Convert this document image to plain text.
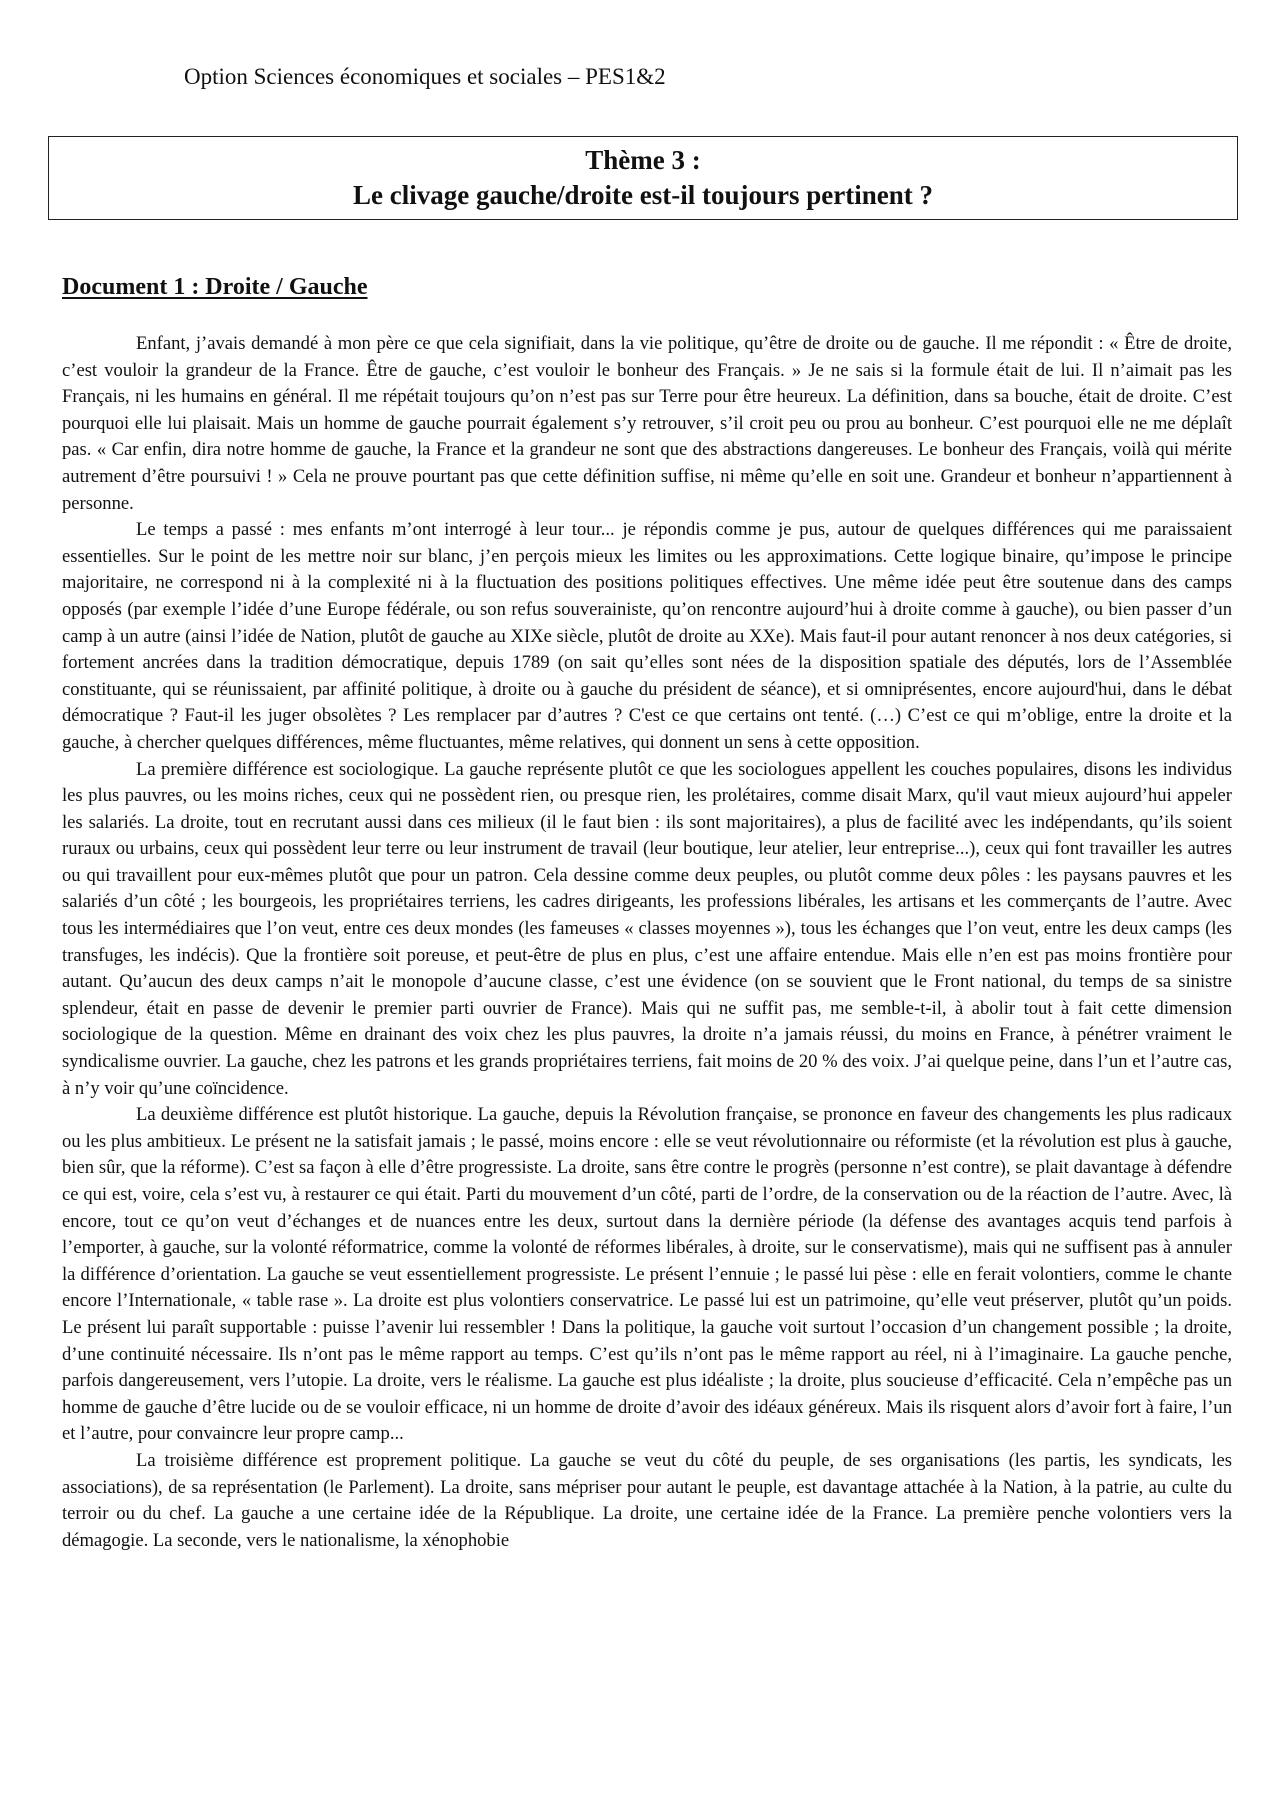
Option Sciences économiques et sociales – PES1&2
Thème 3 :
Le clivage gauche/droite est-il toujours pertinent ?
Document 1 : Droite / Gauche

Enfant, j’avais demandé à mon père ce que cela signifiait, dans la vie politique, qu’être de droite ou de gauche. Il me répondit : « Être de droite, c’est vouloir la grandeur de la France. Être de gauche, c’est vouloir le bonheur des Français. » Je ne sais si la formule était de lui. Il n’aimait pas les Français, ni les humains en général. Il me répétait toujours qu’on n’est pas sur Terre pour être heureux. La définition, dans sa bouche, était de droite. C’est pourquoi elle lui plaisait. Mais un homme de gauche pourrait également s’y retrouver, s’il croit peu ou prou au bonheur. C’est pourquoi elle ne me déplaît pas. « Car enfin, dira notre homme de gauche, la France et la grandeur ne sont que des abstractions dangereuses. Le bonheur des Français, voilà qui mérite autrement d’être poursuivi ! » Cela ne prouve pourtant pas que cette définition suffise, ni même qu’elle en soit une. Grandeur et bonheur n’appartiennent à personne.

Le temps a passé : mes enfants m’ont interrogé à leur tour... je répondis comme je pus, autour de quelques différences qui me paraissaient essentielles. Sur le point de les mettre noir sur blanc, j’en perçois mieux les limites ou les approximations. Cette logique binaire, qu’impose le principe majoritaire, ne correspond ni à la complexité ni à la fluctuation des positions politiques effectives. Une même idée peut être soutenue dans des camps opposés (par exemple l’idée d’une Europe fédérale, ou son refus souverainiste, qu’on rencontre aujourd’hui à droite comme à gauche), ou bien passer d’un camp à un autre (ainsi l’idée de Nation, plutôt de gauche au XIXe siècle, plutôt de droite au XXe). Mais faut-il pour autant renoncer à nos deux catégories, si fortement ancrées dans la tradition démocratique, depuis 1789 (on sait qu’elles sont nées de la disposition spatiale des députés, lors de l’Assemblée constituante, qui se réunissaient, par affinité politique, à droite ou à gauche du président de séance), et si omniprésentes, encore aujourd'hui, dans le débat démocratique ? Faut-il les juger obsolètes ? Les remplacer par d’autres ? C'est ce que certains ont tenté. (…) C’est ce qui m’oblige, entre la droite et la gauche, à chercher quelques différences, même fluctuantes, même relatives, qui donnent un sens à cette opposition.

La première différence est sociologique. La gauche représente plutôt ce que les sociologues appellent les couches populaires, disons les individus les plus pauvres, ou les moins riches, ceux qui ne possèdent rien, ou presque rien, les prolétaires, comme disait Marx, qu'il vaut mieux aujourd’hui appeler les salariés. La droite, tout en recrutant aussi dans ces milieux (il le faut bien : ils sont majoritaires), a plus de facilité avec les indépendants, qu’ils soient ruraux ou urbains, ceux qui possèdent leur terre ou leur instrument de travail (leur boutique, leur atelier, leur entreprise...), ceux qui font travailler les autres ou qui travaillent pour eux-mêmes plutôt que pour un patron. Cela dessine comme deux peuples, ou plutôt comme deux pôles : les paysans pauvres et les salariés d’un côté ; les bourgeois, les propriétaires terriens, les cadres dirigeants, les professions libérales, les artisans et les commerçants de l’autre. Avec tous les intermédiaires que l’on veut, entre ces deux mondes (les fameuses « classes moyennes »), tous les échanges que l’on veut, entre les deux camps (les transfuges, les indécis). Que la frontière soit poreuse, et peut-être de plus en plus, c’est une affaire entendue. Mais elle n’en est pas moins frontière pour autant. Qu’aucun des deux camps n’ait le monopole d’aucune classe, c’est une évidence (on se souvient que le Front national, du temps de sa sinistre splendeur, était en passe de devenir le premier parti ouvrier de France). Mais qui ne suffit pas, me semble-t-il, à abolir tout à fait cette dimension sociologique de la question. Même en drainant des voix chez les plus pauvres, la droite n’a jamais réussi, du moins en France, à pénétrer vraiment le syndicalisme ouvrier. La gauche, chez les patrons et les grands propriétaires terriens, fait moins de 20 % des voix. J’ai quelque peine, dans l’un et l’autre cas, à n’y voir qu’une coïncidence.

La deuxième différence est plutôt historique. La gauche, depuis la Révolution française, se prononce en faveur des changements les plus radicaux ou les plus ambitieux. Le présent ne la satisfait jamais ; le passé, moins encore : elle se veut révolutionnaire ou réformiste (et la révolution est plus à gauche, bien sûr, que la réforme). C’est sa façon à elle d’être progressiste. La droite, sans être contre le progrès (personne n’est contre), se plait davantage à défendre ce qui est, voire, cela s’est vu, à restaurer ce qui était. Parti du mouvement d’un côté, parti de l’ordre, de la conservation ou de la réaction de l’autre. Avec, là encore, tout ce qu’on veut d’échanges et de nuances entre les deux, surtout dans la dernière période (la défense des avantages acquis tend parfois à l’emporter, à gauche, sur la volonté réformatrice, comme la volonté de réformes libérales, à droite, sur le conservatisme), mais qui ne suffisent pas à annuler la différence d’orientation. La gauche se veut essentiellement progressiste. Le présent l’ennuie ; le passé lui pèse : elle en ferait volontiers, comme le chante encore l’Internationale, « table rase ». La droite est plus volontiers conservatrice. Le passé lui est un patrimoine, qu’elle veut préserver, plutôt qu’un poids. Le présent lui paraît supportable : puisse l’avenir lui ressembler ! Dans la politique, la gauche voit surtout l’occasion d’un changement possible ; la droite, d’une continuité nécessaire. Ils n’ont pas le même rapport au temps. C’est qu’ils n’ont pas le même rapport au réel, ni à l’imaginaire. La gauche penche, parfois dangereusement, vers l’utopie. La droite, vers le réalisme. La gauche est plus idéaliste ; la droite, plus soucieuse d’efficacité. Cela n’empêche pas un homme de gauche d’être lucide ou de se vouloir efficace, ni un homme de droite d’avoir des idéaux généreux. Mais ils risquent alors d’avoir fort à faire, l’un et l’autre, pour convaincre leur propre camp...

La troisième différence est proprement politique. La gauche se veut du côté du peuple, de ses organisations (les partis, les syndicats, les associations), de sa représentation (le Parlement). La droite, sans mépriser pour autant le peuple, est davantage attachée à la Nation, à la patrie, au culte du terroir ou du chef. La gauche a une certaine idée de la République. La droite, une certaine idée de la France. La première penche volontiers vers la démagogie. La seconde, vers le nationalisme, la xénophobie
